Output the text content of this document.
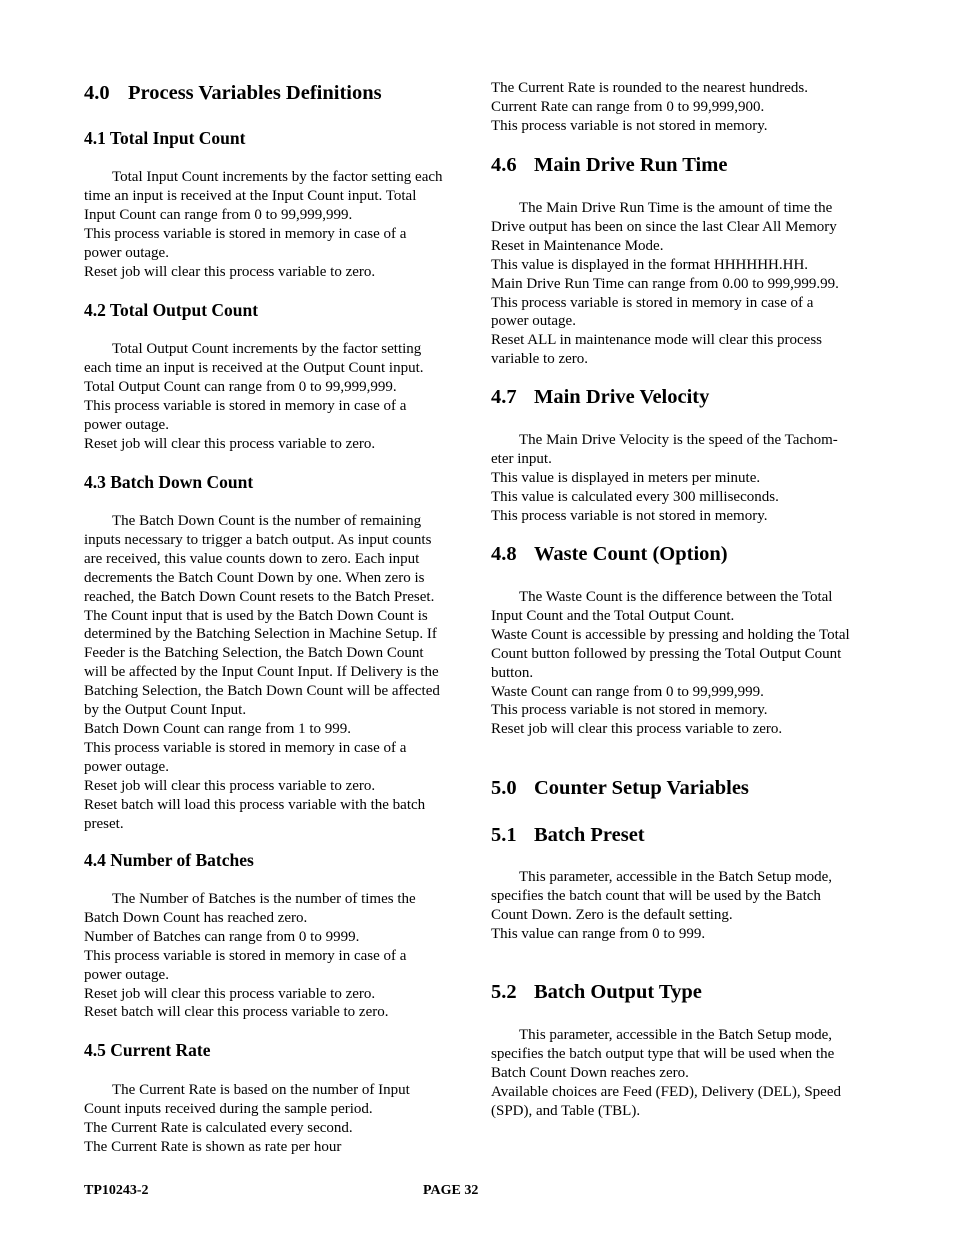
4.0 Process Variables Definitions
4.1 Total Input Count
Total Input Count increments by the factor setting each
time an input is received at the Input Count input. Total
Input Count can range from 0 to 99,999,999.
This process variable is stored in memory in case of a
power outage.
Reset job will clear this process variable to zero.
4.2 Total Output Count
Total Output Count increments by the factor setting
each time an input is received at the Output Count input.
Total Output Count can range from 0 to 99,999,999.
This process variable is stored in memory in case of a
power outage.
Reset job will clear this process variable to zero.
4.3 Batch Down Count
The Batch Down Count is the number of remaining
inputs necessary to trigger a batch output. As input counts
are received, this value counts down to zero. Each input
decrements the Batch Count Down by one. When zero is
reached, the Batch Down Count resets to the Batch Preset.
The Count input that is used by the Batch Down Count is
determined by the Batching Selection in Machine Setup. If
Feeder is the Batching Selection, the Batch Down Count
will be affected by the Input Count Input. If Delivery is the
Batching Selection, the Batch Down Count will be affected
by the Output Count Input.
Batch Down Count can range from 1 to 999.
This process variable is stored in memory in case of a
power outage.
Reset job will clear this process variable to zero.
Reset batch will load this process variable with the batch
preset.
4.4 Number of Batches
The Number of Batches is the number of times the
Batch Down Count has reached zero.
Number of Batches can range from 0 to 9999.
This process variable is stored in memory in case of a
power outage.
Reset job will clear this process variable to zero.
Reset batch will clear this process variable to zero.
4.5 Current Rate
The Current Rate is based on the number of Input
Count inputs received during the sample period.
The Current Rate is calculated every second.
The Current Rate is shown as rate per hour
The Current Rate is rounded to the nearest hundreds.
Current Rate can range from 0 to 99,999,900.
This process variable is not stored in memory.
4.6 Main Drive Run Time
The Main Drive Run Time is the amount of time the
Drive output has been on since the last Clear All Memory
Reset in Maintenance Mode.
This value is displayed in the format HHHHHH.HH.
Main Drive Run Time can range from 0.00 to 999,999.99.
This process variable is stored in memory in case of a
power outage.
Reset ALL in maintenance mode will clear this process
variable to zero.
4.7 Main Drive Velocity
The Main Drive Velocity is the speed of the Tachom-
eter input.
This value is displayed in meters per minute.
This value is calculated every 300 milliseconds.
This process variable is not stored in memory.
4.8 Waste Count (Option)
The Waste Count is the difference between the Total
Input Count and the Total Output Count.
Waste Count is accessible by pressing and holding the Total
Count button followed by pressing the Total Output Count
button.
Waste Count can range from 0 to 99,999,999.
This process variable is not stored in memory.
Reset job will clear this process variable to zero.
5.0 Counter Setup Variables
5.1 Batch Preset
This parameter, accessible in the Batch Setup mode,
specifies the batch count that will be used by the Batch
Count Down. Zero is the default setting.
This value can range from 0 to 999.
5.2 Batch Output Type
This parameter, accessible in the Batch Setup mode,
specifies the batch output type that will be used when the
Batch Count Down reaches zero.
Available choices are Feed (FED), Delivery (DEL), Speed
(SPD), and Table (TBL).
TP10243-2	PAGE 32
